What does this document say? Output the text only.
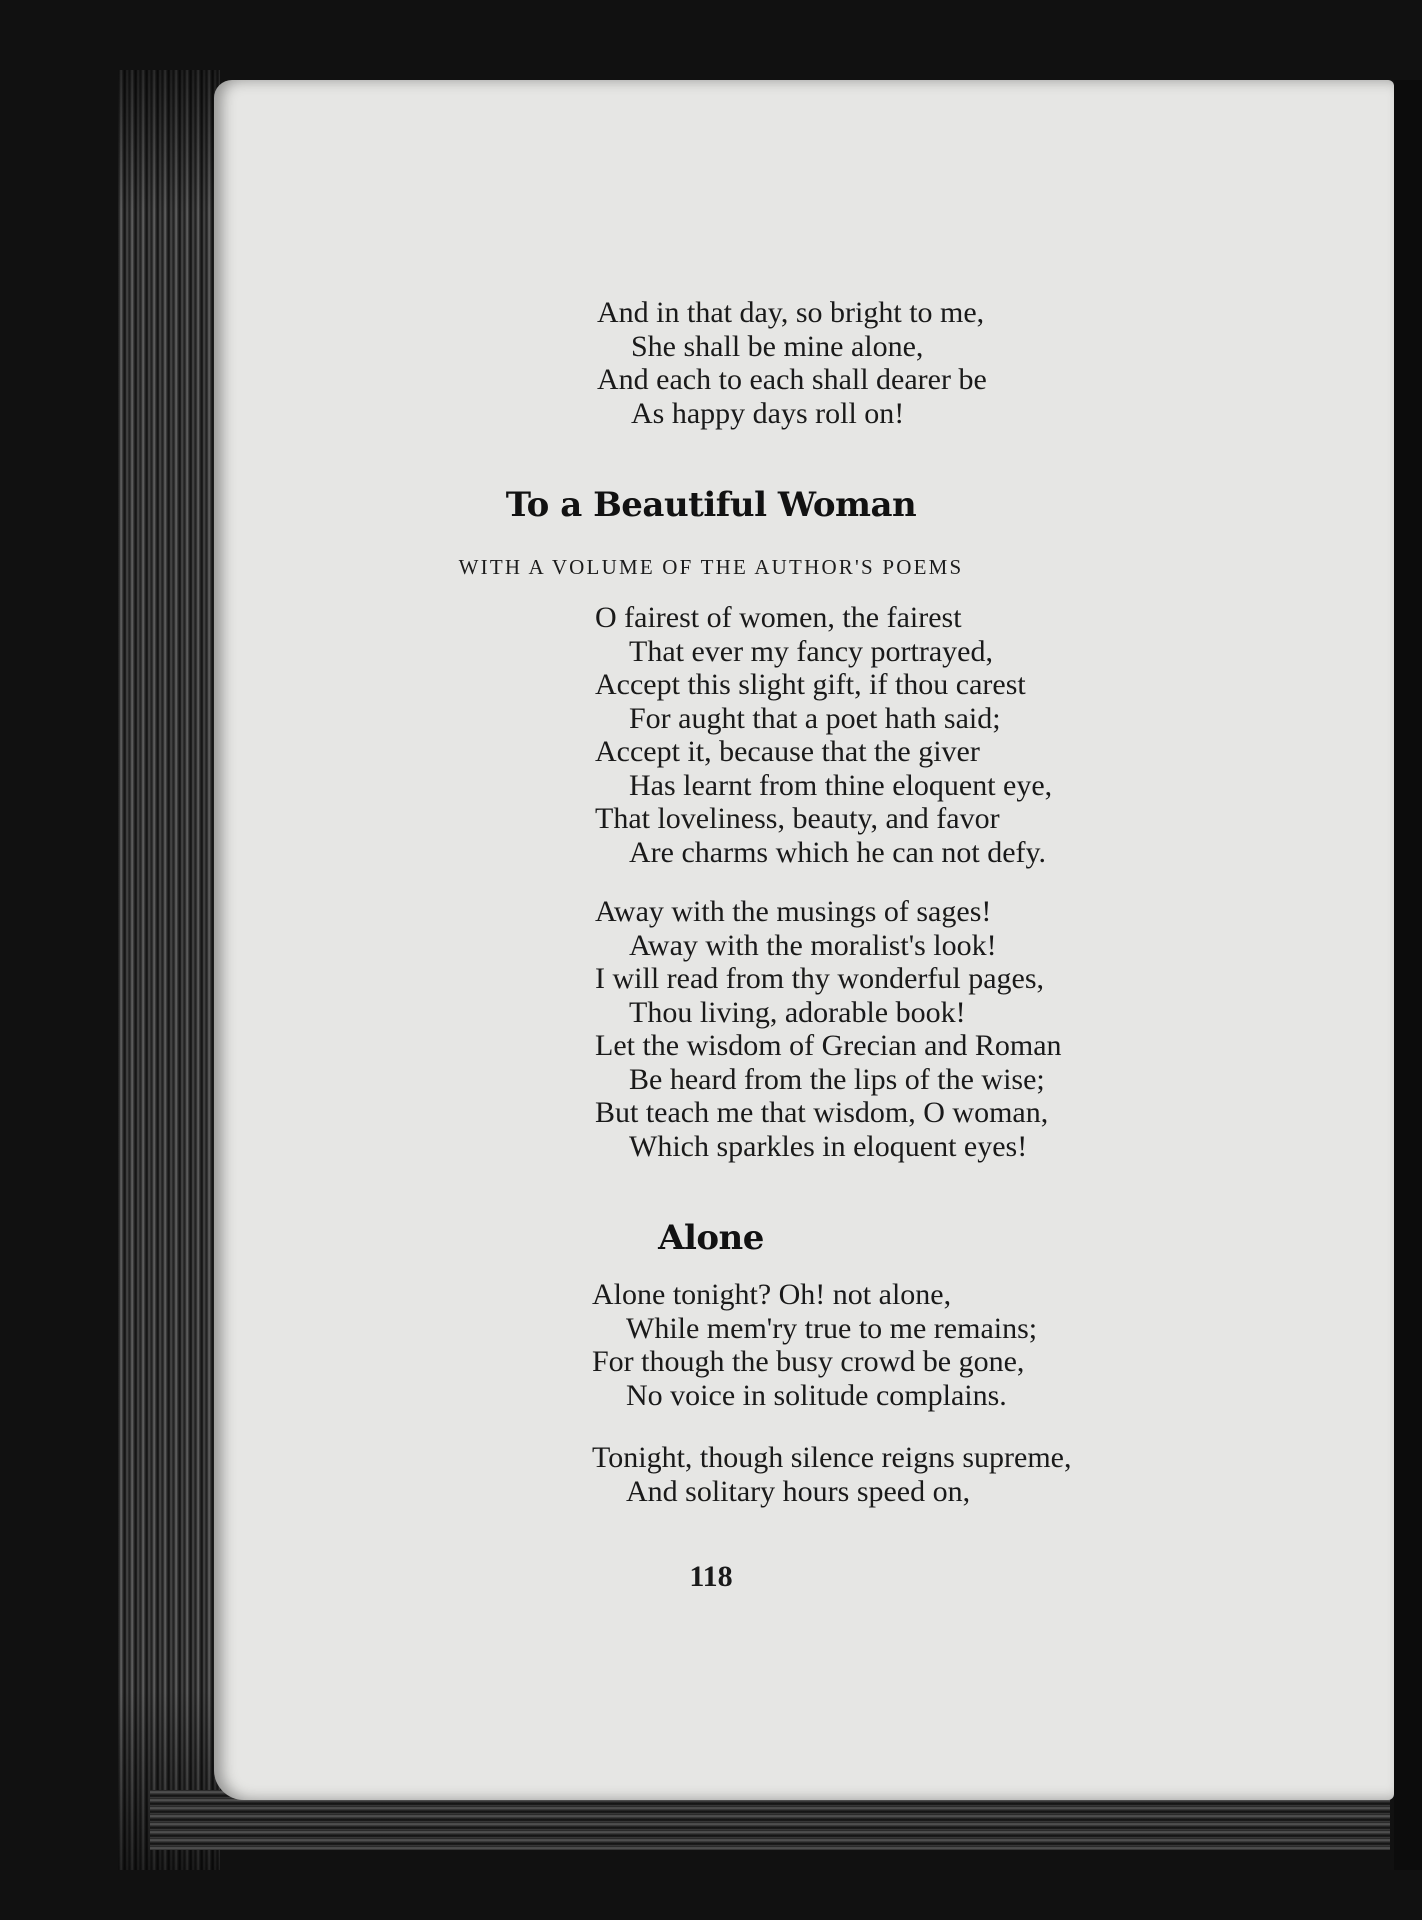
And in that day, so bright to me,
She shall be mine alone,
And each to each shall dearer be
As happy days roll on!
To a Beautiful Woman
WITH A VOLUME OF THE AUTHOR'S POEMS
O fairest of women, the fairest
That ever my fancy portrayed,
Accept this slight gift, if thou carest
For aught that a poet hath said;
Accept it, because that the giver
Has learnt from thine eloquent eye,
That loveliness, beauty, and favor
Are charms which he can not defy.
Away with the musings of sages!
Away with the moralist's look!
I will read from thy wonderful pages,
Thou living, adorable book!
Let the wisdom of Grecian and Roman
Be heard from the lips of the wise;
But teach me that wisdom, O woman,
Which sparkles in eloquent eyes!
Alone
Alone tonight? Oh! not alone,
While mem'ry true to me remains;
For though the busy crowd be gone,
No voice in solitude complains.
Tonight, though silence reigns supreme,
And solitary hours speed on,
118
